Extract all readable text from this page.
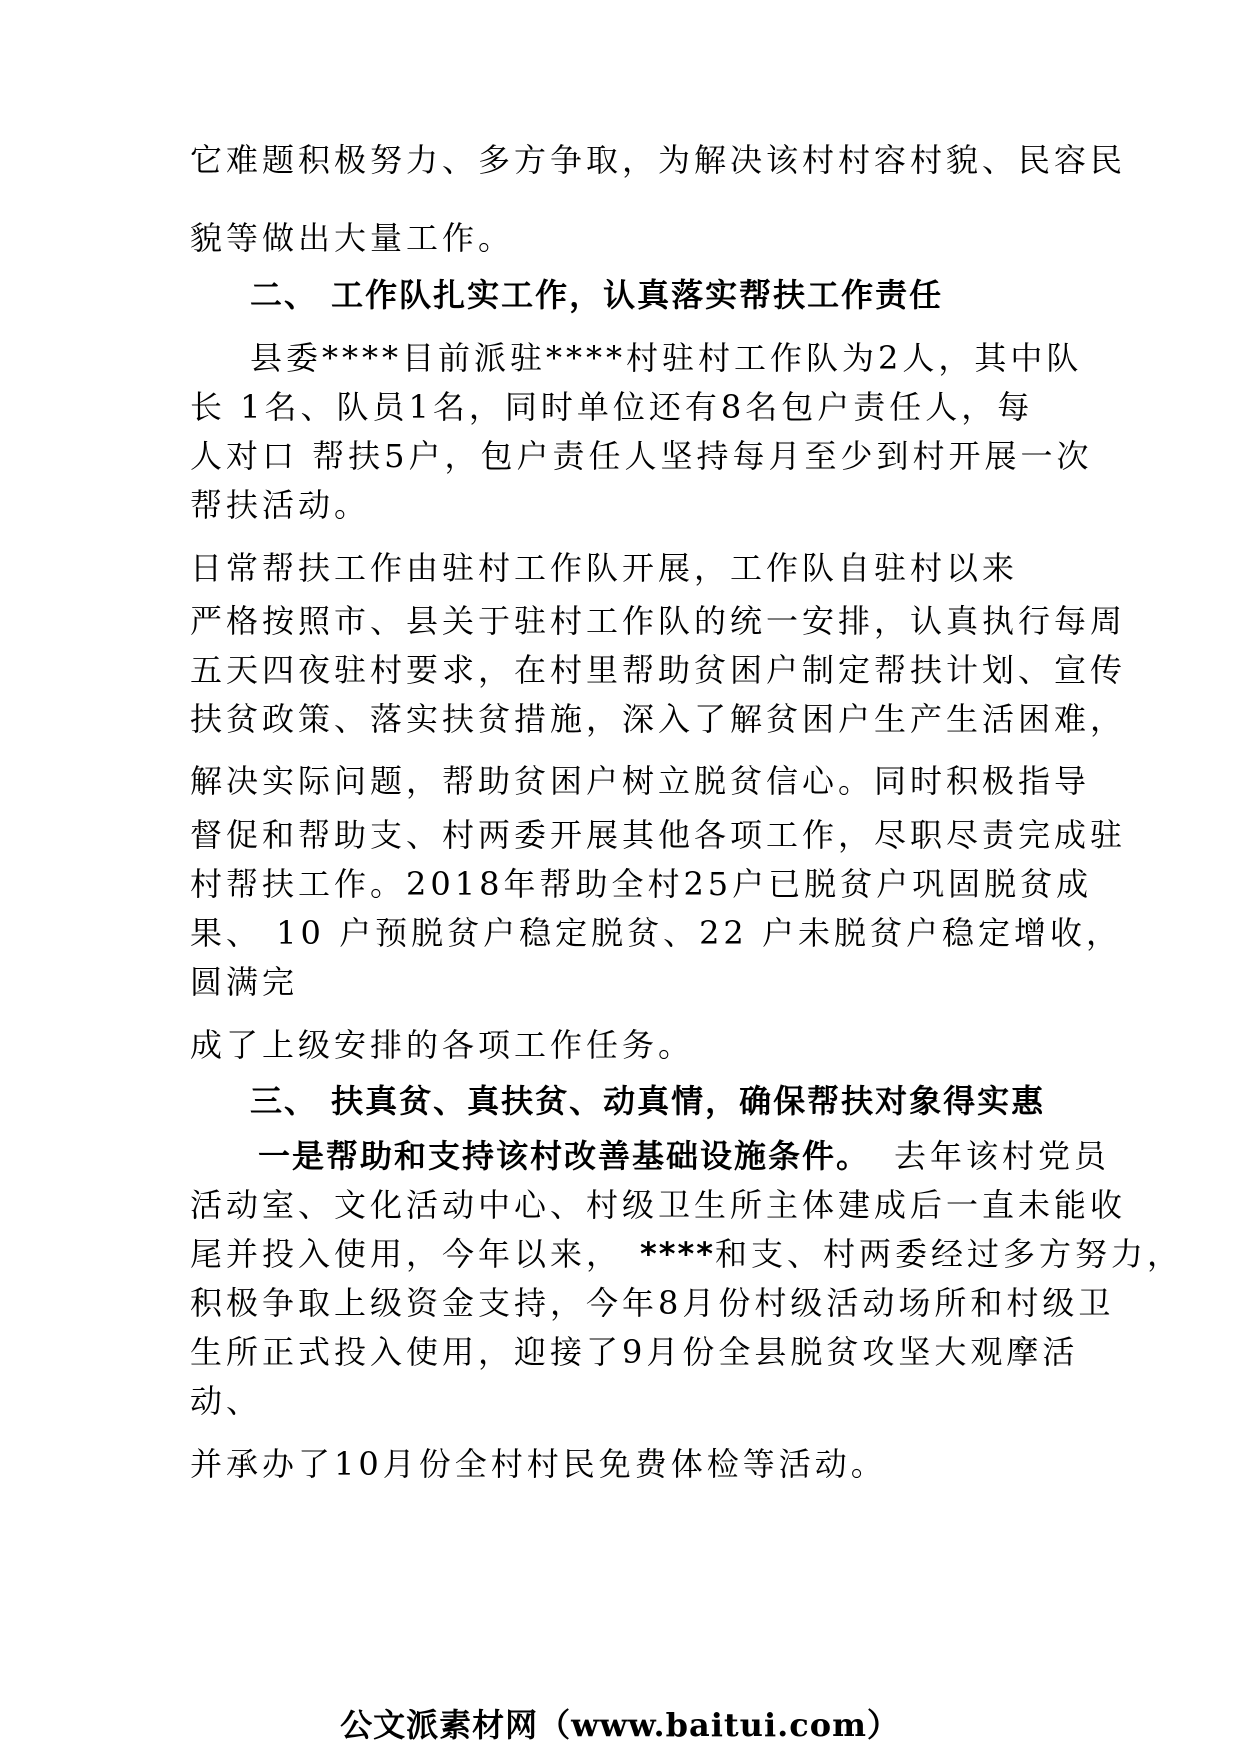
它难题积极努力、多方争取，为解决该村村容村貌、民容民
貌等做出大量工作。
二、 工作队扎实工作，认真落实帮扶工作责任
县委****目前派驻****村驻村工作队为2人，其中队
长 1名、队员1名，同时单位还有8名包户责任人，每
人对口 帮扶5户，包户责任人坚持每月至少到村开展一次
帮扶活动。
日常帮扶工作由驻村工作队开展，工作队自驻村以来
严格按照市、县关于驻村工作队的统一安排，认真执行每周
五天四夜驻村要求，在村里帮助贫困户制定帮扶计划、宣传
扶贫政策、落实扶贫措施，深入了解贫困户生产生活困难，
解决实际问题，帮助贫困户树立脱贫信心。同时积极指导
督促和帮助支、村两委开展其他各项工作，尽职尽责完成驻
村帮扶工作。2018年帮助全村25户已脱贫户巩固脱贫成
果、 10 户预脱贫户稳定脱贫、22 户未脱贫户稳定增收，
圆满完
成了上级安排的各项工作任务。
三、 扶真贫、真扶贫、动真情，确保帮扶对象得实惠
一是帮助和支持该村改善基础设施条件。 去年该村党员
活动室、文化活动中心、村级卫生所主体建成后一直未能收
尾并投入使用，今年以来， ****和支、村两委经过多方努力，
积极争取上级资金支持，今年8月份村级活动场所和村级卫
生所正式投入使用，迎接了9月份全县脱贫攻坚大观摩活
动、
并承办了10月份全村村民免费体检等活动。
公文派素材网（www.baitui.com）
